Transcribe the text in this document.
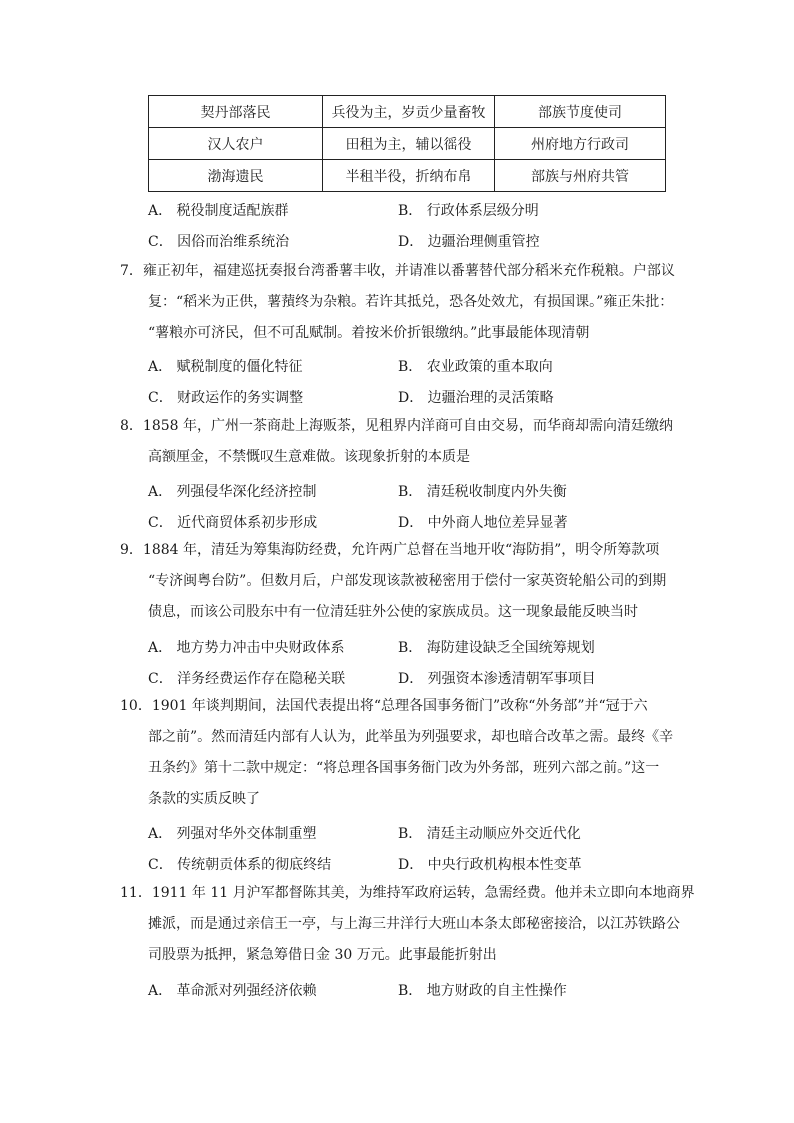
契丹部落民	兵役为主，岁贡少量畜牧	部族节度使司
汉人农户	田租为主，辅以徭役	州府地方行政司
渤海遗民	半租半役，折纳布帛	部族与州府共管
A． 税役制度适配族群	B． 行政体系层级分明
C． 因俗而治维系统治	D． 边疆治理侧重管控
7．雍正初年，福建巡抚奏报台湾番薯丰收，并请准以番薯替代部分稻米充作税粮。户部议
复：“稻米为正供，薯蕷终为杂粮。若许其抵兑，恐各处效尤，有损国课。”雍正朱批：
“薯粮亦可济民，但不可乱赋制。着按米价折银缴纳。”此事最能体现清朝
A． 赋税制度的僵化特征	B． 农业政策的重本取向
C． 财政运作的务实调整	D． 边疆治理的灵活策略
8．1858 年，广州一茶商赴上海贩茶，见租界内洋商可自由交易，而华商却需向清廷缴纳
高额厘金，不禁慨叹生意难做。该现象折射的本质是
A． 列强侵华深化经济控制	B． 清廷税收制度内外失衡
C． 近代商贸体系初步形成	D． 中外商人地位差异显著
9．1884 年，清廷为筹集海防经费，允许两广总督在当地开收“海防捐”，明令所筹款项
“专济闽粤台防”。但数月后，户部发现该款被秘密用于偿付一家英资轮船公司的到期
债息，而该公司股东中有一位清廷驻外公使的家族成员。这一现象最能反映当时
A． 地方势力冲击中央财政体系	B． 海防建设缺乏全国统筹规划
C． 洋务经费运作存在隐秘关联	D． 列强资本渗透清朝军事项目
10．1901 年谈判期间，法国代表提出将“总理各国事务衙门”改称“外务部”并“冠于六
部之前”。然而清廷内部有人认为，此举虽为列强要求，却也暗合改革之需。最终《辛
丑条约》第十二款中规定：“将总理各国事务衙门改为外务部，班列六部之前。”这一
条款的实质反映了
A． 列强对华外交体制重塑	B． 清廷主动顺应外交近代化
C． 传统朝贡体系的彻底终结	D． 中央行政机构根本性变革
11．1911 年 11 月沪军都督陈其美，为维持军政府运转，急需经费。他并未立即向本地商界
摊派，而是通过亲信王一亭，与上海三井洋行大班山本条太郎秘密接洽，以江苏铁路公
司股票为抵押，紧急筹借日金 30 万元。此事最能折射出
A． 革命派对列强经济依赖	B． 地方财政的自主性操作
